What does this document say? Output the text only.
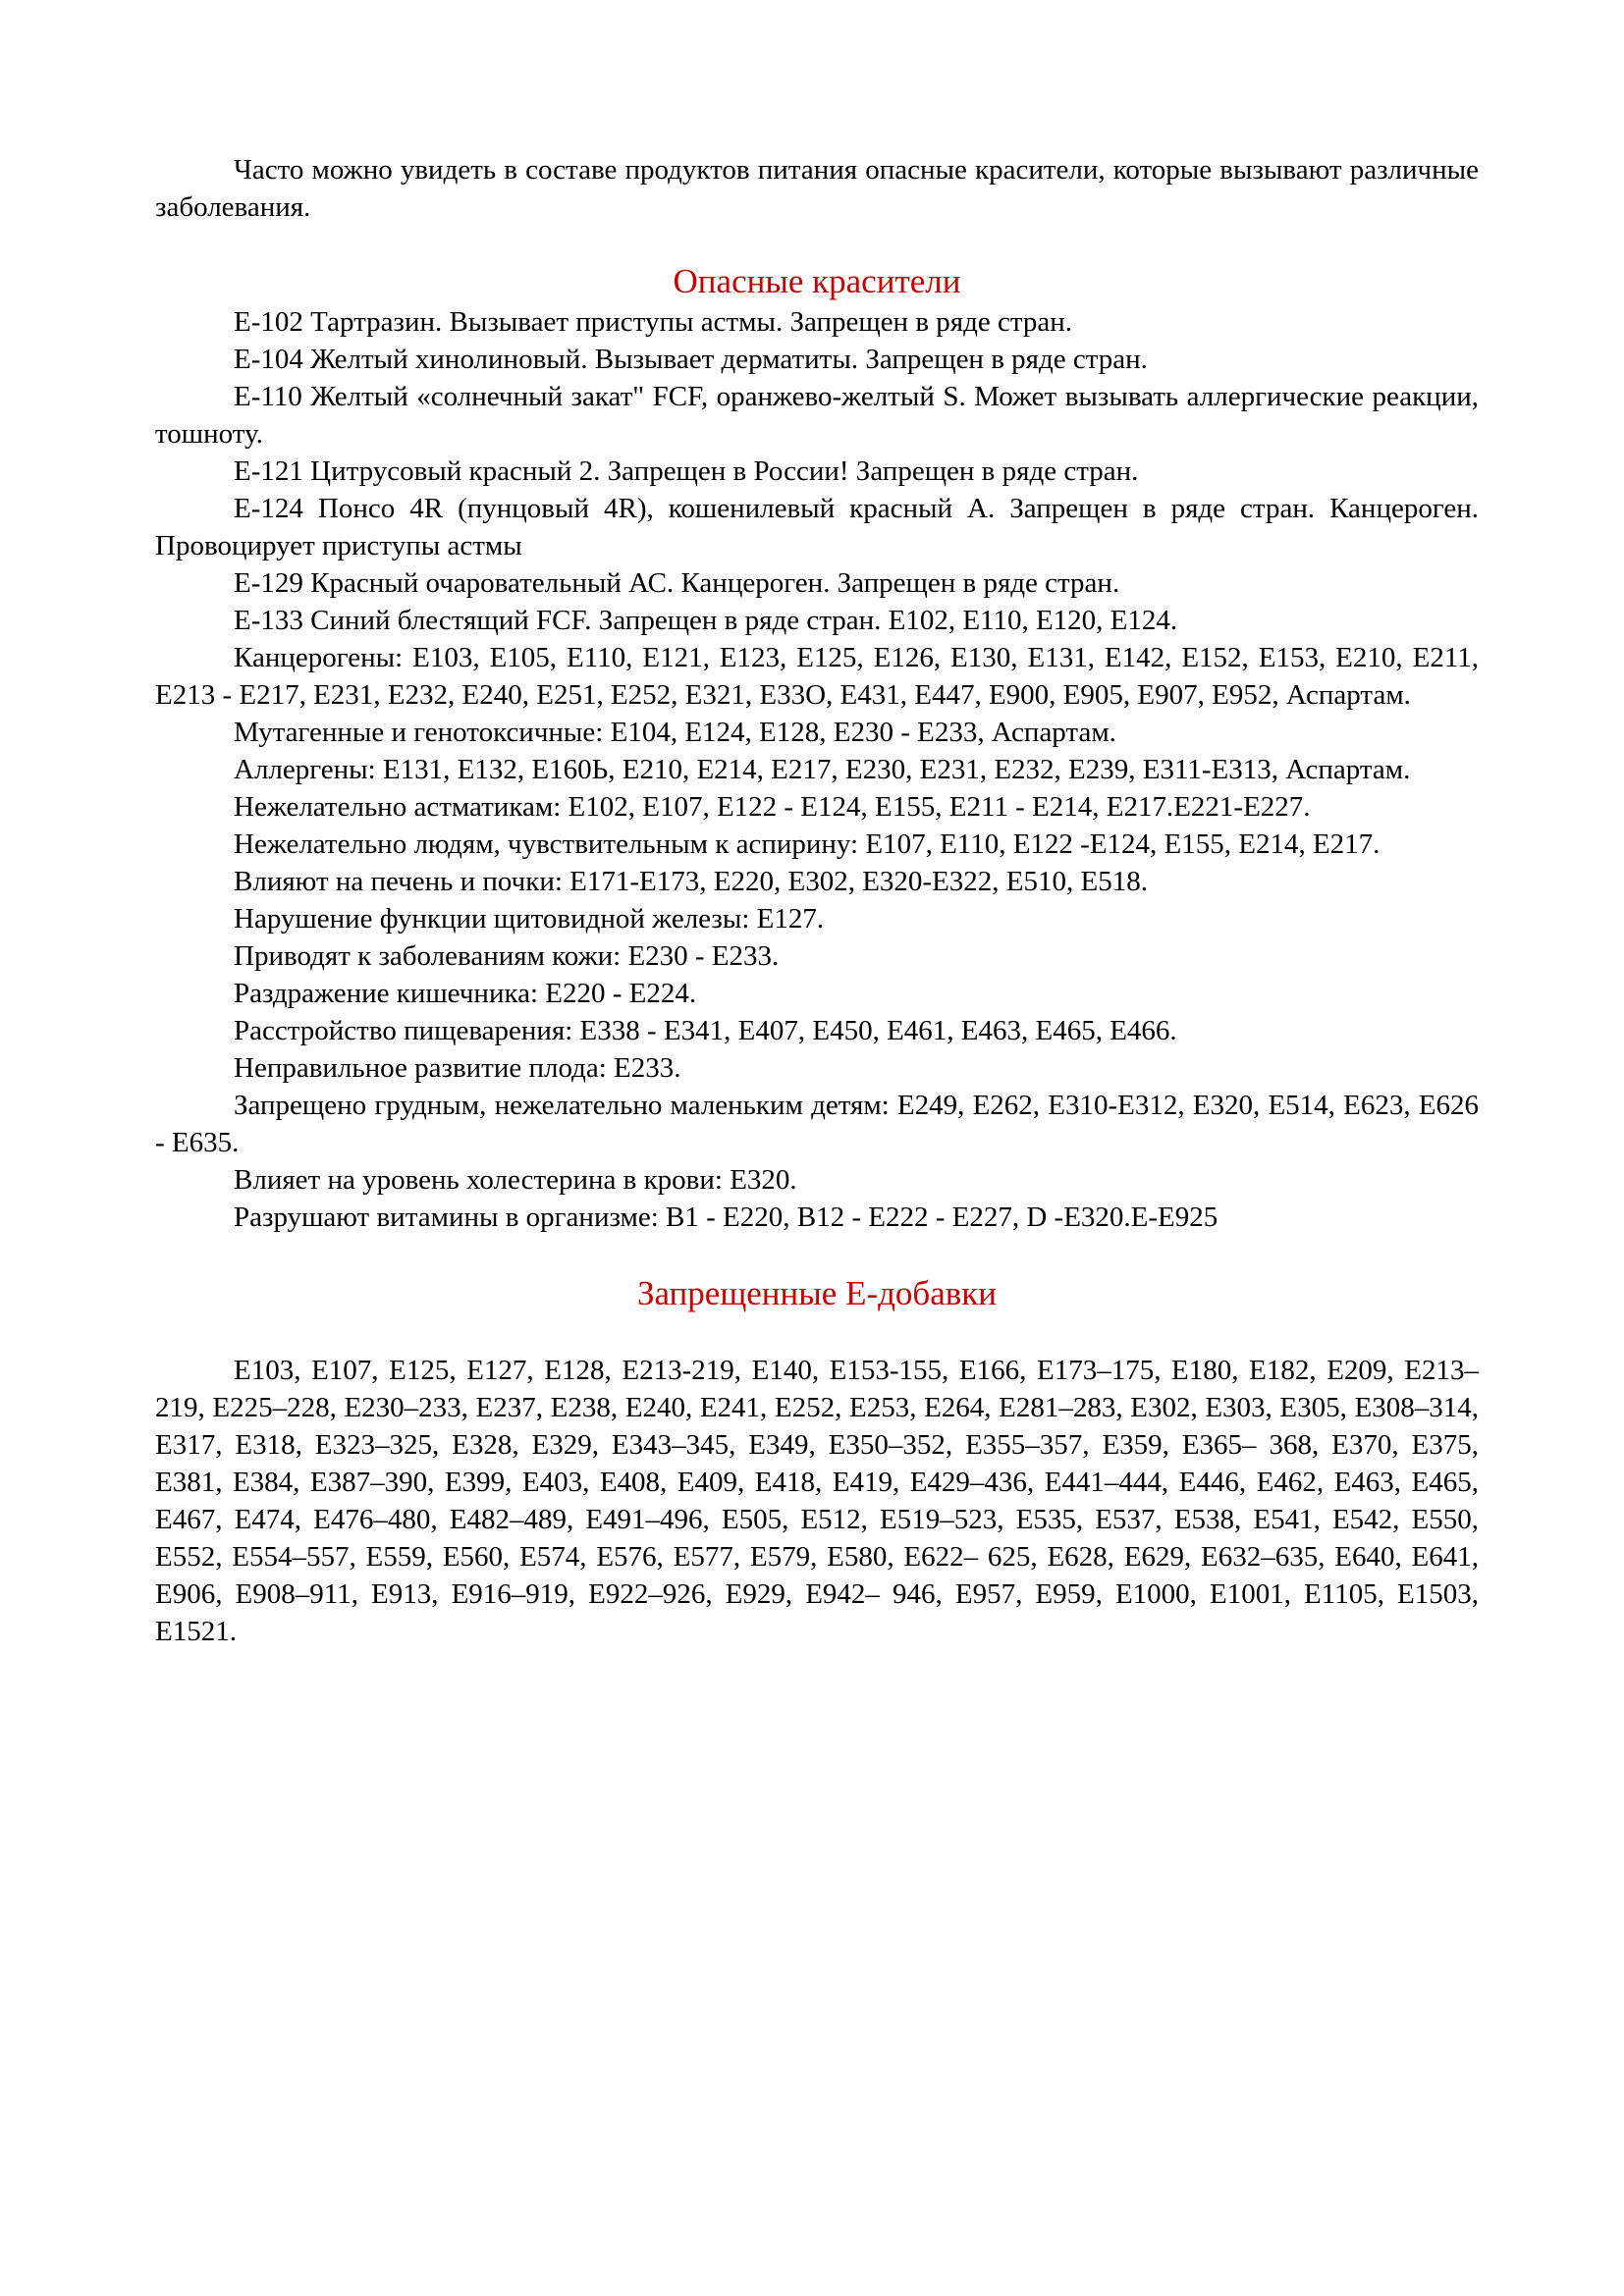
Часто можно увидеть в составе продуктов питания опасные красители, которые вызывают различные заболевания.

Опасные красители

Е-102 Тартразин. Вызывает приступы астмы. Запрещен в ряде стран.

Е-104 Желтый хинолиновый. Вызывает дерматиты. Запрещен в ряде стран.

Е-110 Желтый «солнечный закат" FCF, оранжево-желтый S. Может вызывать аллергические реакции, тошноту.

Е-121 Цитрусовый красный 2. Запрещен в России! Запрещен в ряде стран.

Е-124 Понсо 4R (пунцовый 4R), кошенилевый красный А. Запрещен в ряде стран. Канцероген. Провоцирует приступы астмы

Е-129 Красный очаровательный АС. Канцероген. Запрещен в ряде стран.

Е-133 Синий блестящий FCF. Запрещен в ряде стран. Е102, Е110, Е120, Е124.

Канцерогены: Е103, Е105, Е110, Е121, Е123, Е125, Е126, Е130, Е131, Е142, Е152, Е153, Е210, Е211, Е213 - Е217, Е231, Е232, Е240, Е251, Е252, Е321, Е33О, Е431, Е447, Е900, Е905, Е907, Е952, Аспартам.

Мутагенные и генотоксичные: Е104, Е124, Е128, Е230 - Е233, Аспартам.

Аллергены: Е131, Е132, Е160Ь, Е210, Е214, Е217, Е230, Е231, Е232, Е239, Е311-Е313, Аспартам.

Нежелательно астматикам: Е102, Е107, Е122 - Е124, Е155, Е211 - Е214, Е217.Е221-Е227.

Нежелательно людям, чувствительным к аспирину: Е107, Е110, Е122 -Е124, Е155, Е214, Е217.

Влияют на печень и почки: Е171-Е173, Е220, Е302, Е320-Е322, Е510, Е518.

Нарушение функции щитовидной железы: Е127.

Приводят к заболеваниям кожи: Е230 - Е233.

Раздражение кишечника: Е220 - Е224.

Расстройство пищеварения: Е338 - Е341, Е407, Е450, Е461, Е463, Е465, Е466.

Неправильное развитие плода: Е233.

Запрещено грудным, нежелательно маленьким детям: Е249, Е262, Е310-Е312, Е320, Е514, Е623, Е626 - Е635.

Влияет на уровень холестерина в крови: Е320.

Разрушают витамины в организме: В1 - Е220, В12 - Е222 - Е227, D -Е320.Е-Е925

Запрещенные Е-добавки

Е103, Е107, Е125, Е127, Е128, Е213-219, Е140, Е153-155, Е166, Е173–175, Е180, Е182, Е209, Е213– 219, Е225–228, Е230–233, Е237, Е238, Е240, Е241, Е252, Е253, Е264, Е281–283, Е302, Е303, Е305, Е308–314, Е317, Е318, Е323–325, Е328, Е329, Е343–345, Е349, Е350–352, Е355–357, Е359, Е365– 368, Е370, Е375, Е381, Е384, Е387–390, Е399, Е403, Е408, Е409, Е418, Е419, Е429–436, Е441–444, Е446, Е462, Е463, Е465, Е467, Е474, Е476–480, Е482–489, Е491–496, Е505, Е512, Е519–523, Е535, Е537, Е538, Е541, Е542, Е550, Е552, Е554–557, Е559, Е560, Е574, Е576, Е577, Е579, Е580, Е622– 625, Е628, Е629, Е632–635, Е640, Е641, Е906, Е908–911, Е913, Е916–919, Е922–926, Е929, Е942– 946, Е957, Е959, Е1000, Е1001, Е1105, Е1503, Е1521.
